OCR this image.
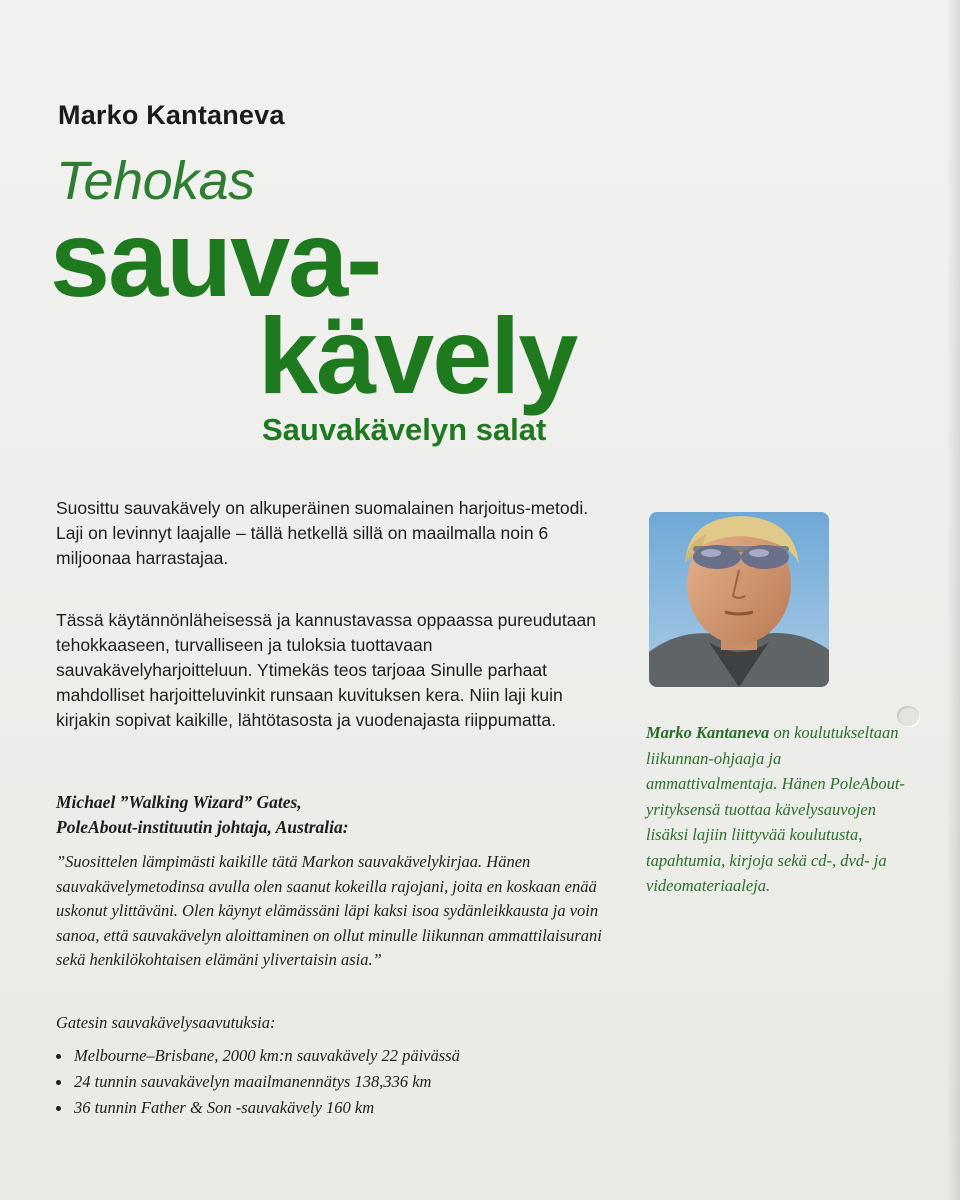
Marko Kantaneva
Tehokas
sauva-
kävely
Sauvakävelyn salat

Suosittu sauvakävely on alkuperäinen suomalainen harjoitus-metodi. Laji on levinnyt laajalle – tällä hetkellä sillä on maailmalla noin 6 miljoonaa harrastajaa.

Tässä käytännönläheisessä ja kannustavassa oppaassa pureudutaan tehokkaaseen, turvalliseen ja tuloksia tuottavaan sauvakävelyharjoitteluun. Ytimekäs teos tarjoaa Sinulle parhaat mahdolliset harjoitteluvinkit runsaan kuvituksen kera. Niin laji kuin kirjakin sopivat kaikille, lähtötasosta ja vuodenajasta riippumatta.

Michael ”Walking Wizard” Gates,
PoleAbout-instituutin johtaja, Australia:

”Suosittelen lämpimästi kaikille tätä Markon sauvakävelykirjaa. Hänen sauvakävelymetodinsa avulla olen saanut kokeilla rajojani, joita en koskaan enää uskonut ylittäväni. Olen käynyt elämässäni läpi kaksi isoa sydänleikkausta ja voin sanoa, että sauvakävelyn aloittaminen on ollut minulle liikunnan ammattilaisurani sekä henkilökohtaisen elämäni ylivertaisin asia.”

Gatesin sauvakävelysaavutuksia:
Melbourne–Brisbane, 2000 km:n sauvakävely 22 päivässä
24 tunnin sauvakävelyn maailmanennätys 138,336 km
36 tunnin Father & Son -sauvakävely 160 km

Marko Kantaneva on koulutukseltaan liikunnan-ohjaaja ja ammattivalmentaja. Hänen PoleAbout-yrityksensä tuottaa kävelysauvojen lisäksi lajiin liittyvää koulutusta, tapahtumia, kirjoja sekä cd-, dvd- ja videomateriaaleja.
